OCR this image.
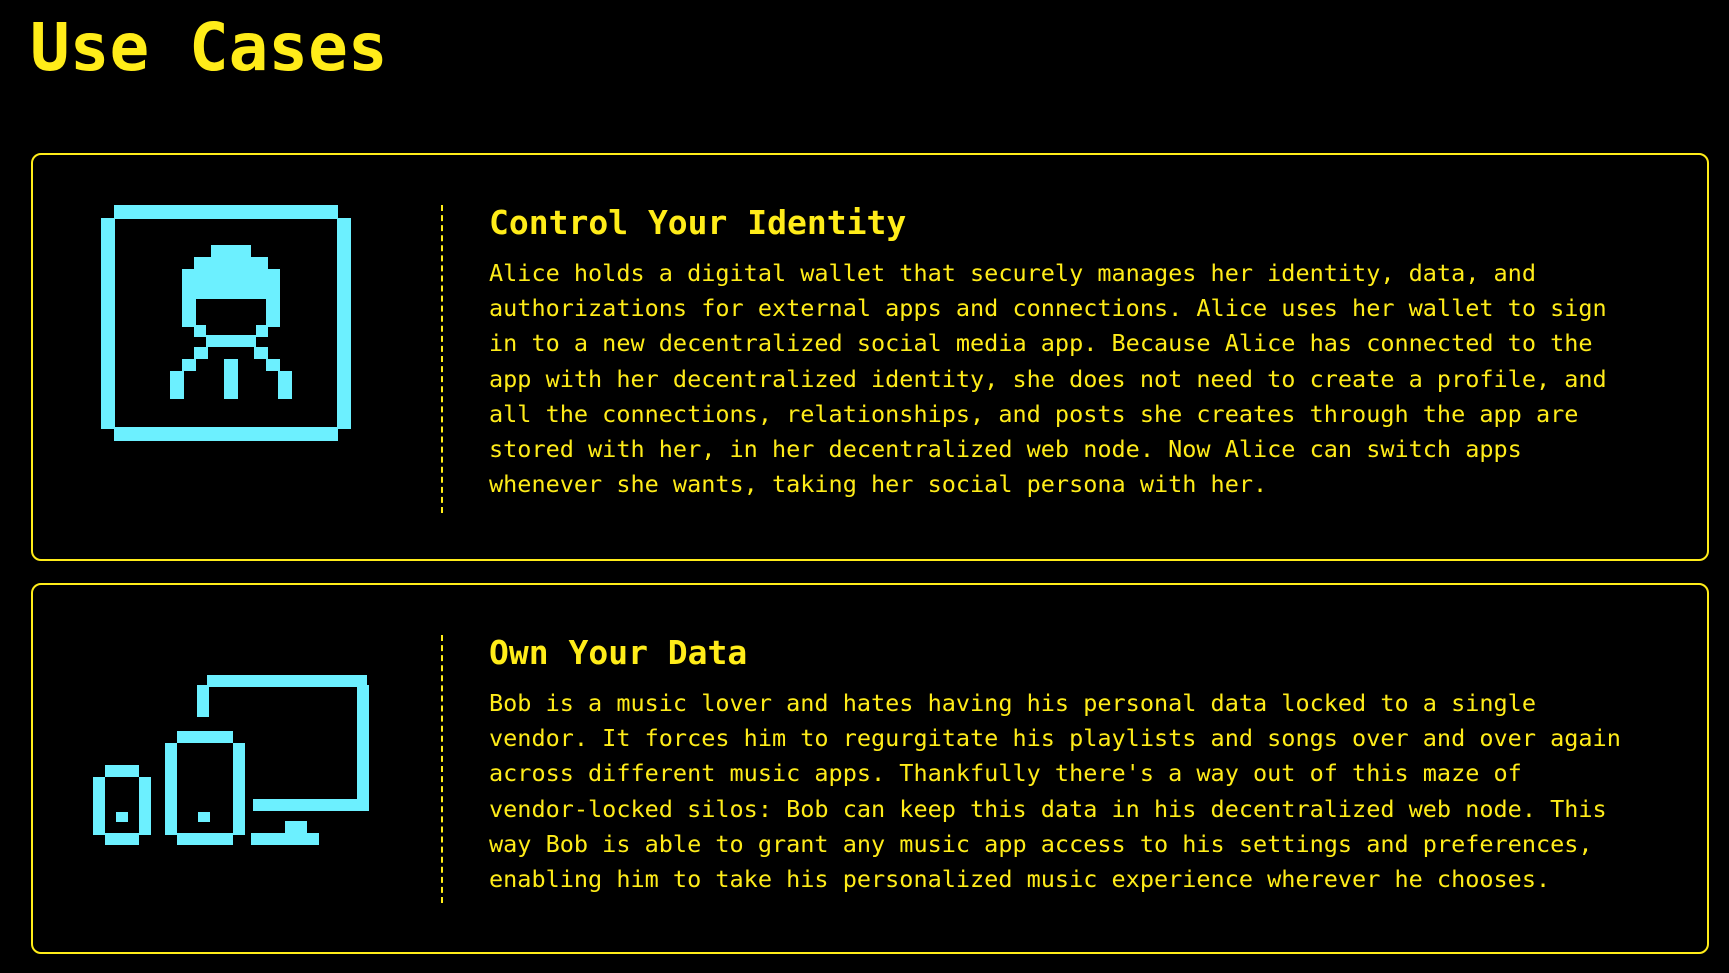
Use Cases
Control Your Identity

Alice holds a digital wallet that securely manages her identity, data, and
authorizations for external apps and connections. Alice uses her wallet to sign
in to a new decentralized social media app. Because Alice has connected to the
app with her decentralized identity, she does not need to create a profile, and
all the connections, relationships, and posts she creates through the app are
stored with her, in her decentralized web node. Now Alice can switch apps
whenever she wants, taking her social persona with her.

Own Your Data

Bob is a music lover and hates having his personal data locked to a single
vendor. It forces him to regurgitate his playlists and songs over and over again
across different music apps. Thankfully there's a way out of this maze of
vendor-locked silos: Bob can keep this data in his decentralized web node. This
way Bob is able to grant any music app access to his settings and preferences,
enabling him to take his personalized music experience wherever he chooses.
